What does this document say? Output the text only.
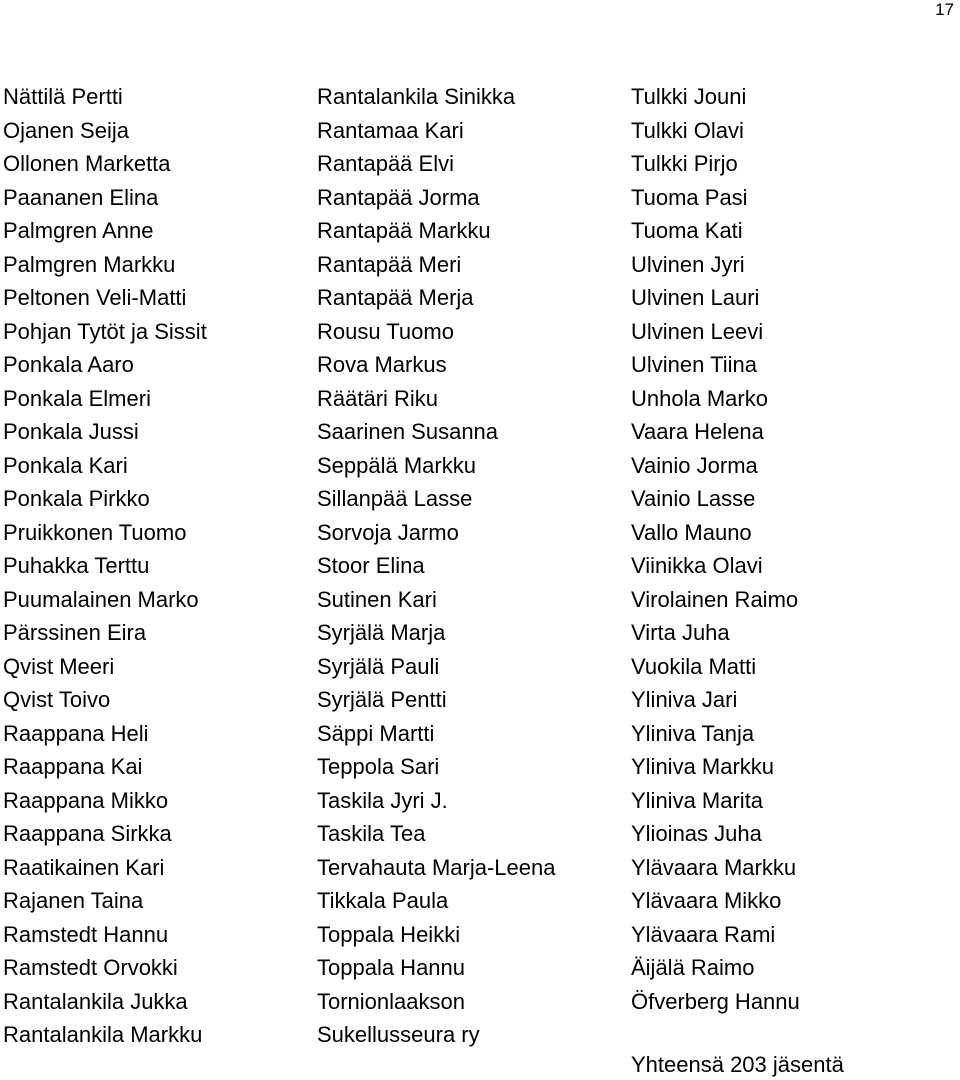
17
Nättilä Pertti
Ojanen Seija
Ollonen Marketta
Paananen Elina
Palmgren Anne
Palmgren Markku
Peltonen Veli-Matti
Pohjan Tytöt ja Sissit
Ponkala Aaro
Ponkala Elmeri
Ponkala Jussi
Ponkala Kari
Ponkala Pirkko
Pruikkonen Tuomo
Puhakka Terttu
Puumalainen Marko
Pärssinen Eira
Qvist Meeri
Qvist Toivo
Raappana Heli
Raappana Kai
Raappana Mikko
Raappana Sirkka
Raatikainen Kari
Rajanen Taina
Ramstedt Hannu
Ramstedt Orvokki
Rantalankila Jukka
Rantalankila Markku
Rantalankila Sinikka
Rantamaa Kari
Rantapää Elvi
Rantapää Jorma
Rantapää Markku
Rantapää Meri
Rantapää Merja
Rousu Tuomo
Rova Markus
Räätäri Riku
Saarinen Susanna
Seppälä Markku
Sillanpää Lasse
Sorvoja Jarmo
Stoor Elina
Sutinen Kari
Syrjälä Marja
Syrjälä Pauli
Syrjälä Pentti
Säppi Martti
Teppola Sari
Taskila Jyri J.
Taskila Tea
Tervahauta Marja-Leena
Tikkala Paula
Toppala Heikki
Toppala Hannu
Tornionlaakson
Sukellusseura ry
Tulkki Jouni
Tulkki Olavi
Tulkki Pirjo
Tuoma Pasi
Tuoma Kati
Ulvinen Jyri
Ulvinen Lauri
Ulvinen Leevi
Ulvinen Tiina
Unhola Marko
Vaara Helena
Vainio Jorma
Vainio Lasse
Vallo Mauno
Viinikka Olavi
Virolainen Raimo
Virta Juha
Vuokila Matti
Yliniva Jari
Yliniva Tanja
Yliniva Markku
Yliniva Marita
Ylioinas Juha
Ylävaara Markku
Ylävaara Mikko
Ylävaara Rami
Äijälä Raimo
Öfverberg Hannu
Yhteensä 203 jäsentä
